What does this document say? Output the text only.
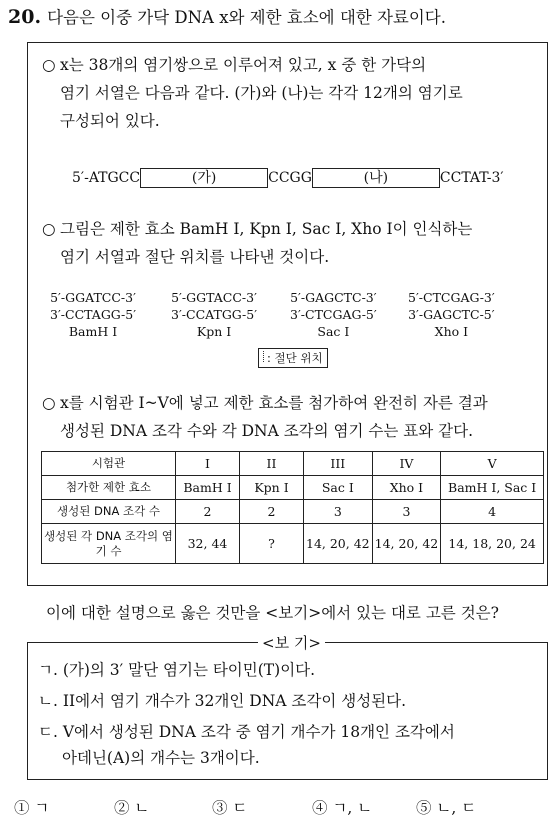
20. 다음은 이중 가닥 DNA x와 제한 효소에 대한 자료이다.
○ x는 38개의 염기쌍으로 이루어져 있고, x 중 한 가닥의
염기 서열은 다음과 같다. (가)와 (나)는 각각 12개의 염기로
구성되어 있다.
5′-ATGCC	(가)	CCGG	(나)	CCTAT-3′
○ 그림은 제한 효소 BamH I, Kpn I, Sac I, Xho I이 인식하는
염기 서열과 절단 위치를 나타낸 것이다.
5′-GGATCC-3′
3′-CCTAGG-5′
BamH I
5′-GGTACC-3′
3′-CCATGG-5′
Kpn I
5′-GAGCTC-3′
3′-CTCGAG-5′
Sac I
5′-CTCGAG-3′
3′-GAGCTC-5′
Xho I
: 절단 위치
○ x를 시험관 I~V에 넣고 제한 효소를 첨가하여 완전히 자른 결과
생성된 DNA 조각 수와 각 DNA 조각의 염기 수는 표와 같다.
시험관	I	II	III	IV	V
첨가한 제한 효소	BamH I	Kpn I	Sac I	Xho I	BamH I, Sac I
생성된 DNA 조각 수	2	2	3	3	4
생성된 각 DNA 조각의 염기 수	32, 44	?	14, 20, 42	14, 20, 42	14, 18, 20, 24
이에 대한 설명으로 옳은 것만을 <보기>에서 있는 대로 고른 것은?
<보 기>
ㄱ. (가)의 3′ 말단 염기는 타이민(T)이다.
ㄴ. II에서 염기 개수가 32개인 DNA 조각이 생성된다.
ㄷ. V에서 생성된 DNA 조각 중 염기 개수가 18개인 조각에서
아데닌(A)의 개수는 3개이다.
① ㄱ	② ㄴ	③ ㄷ	④ ㄱ, ㄴ	⑤ ㄴ, ㄷ
